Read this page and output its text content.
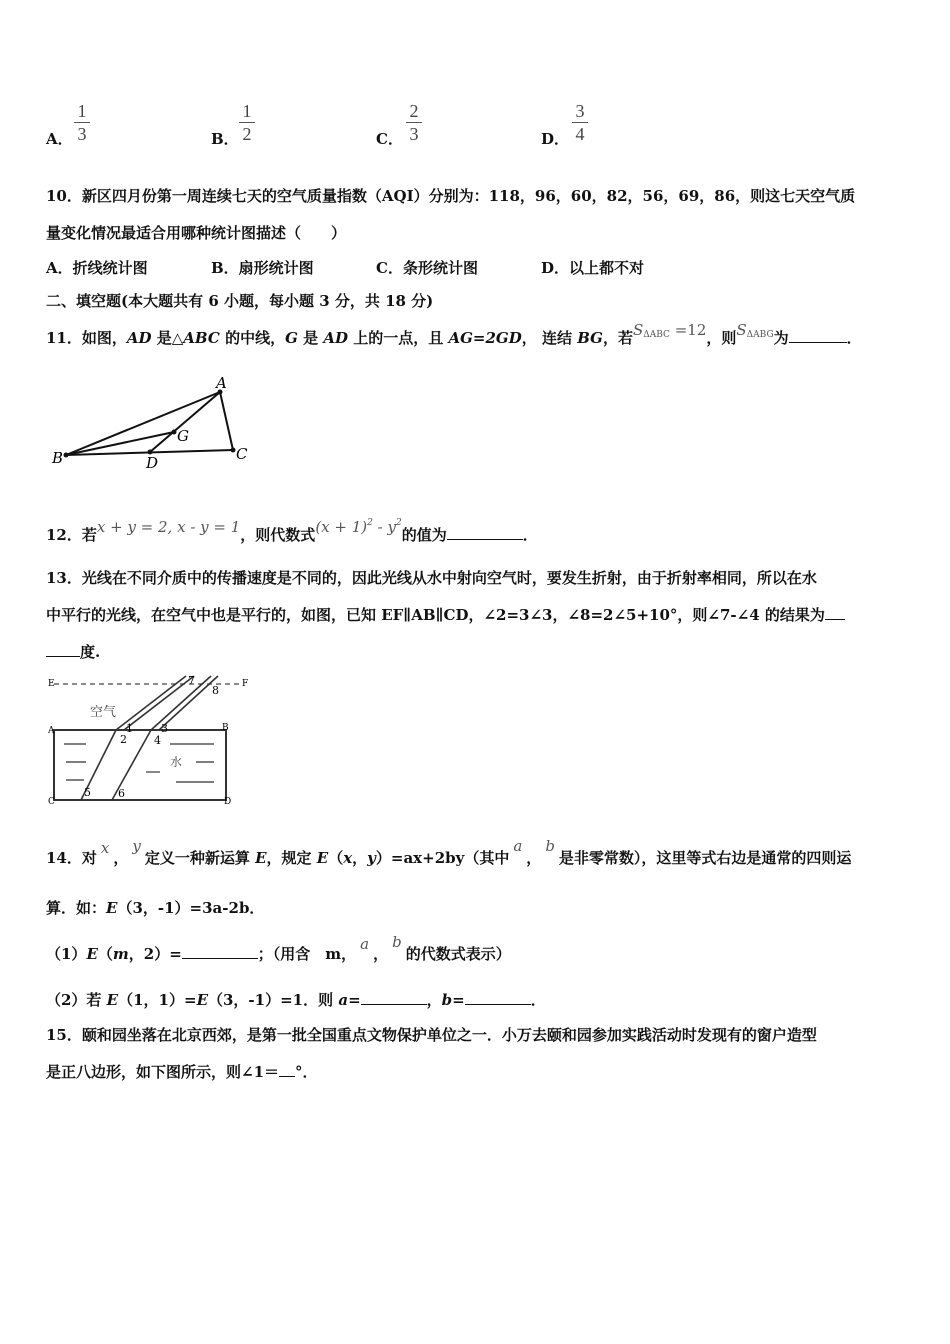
A．
1
3	B．
1
2	C．
2
3	D．
3
4
10．新区四月份第一周连续七天的空气质量指数（AQI）分别为：118，96，60，82，56，69，86，则这七天空气质
量变化情况最适合用哪种统计图描述（　　）
A．折线统计图	B．扇形统计图	C．条形统计图	D．以上都不对
二、填空题(本大题共有 6 小题，每小题 3 分，共 18 分)
11．如图，AD 是△ABC 的中线，G 是 AD 上的一点，且 AG=2GD， 连结 BG，若$S_{\Delta ABC} =12$，则$S_{\Delta ABG}$为	．
A
B	C
D
G
12．若x + y = 2, x - y = 1，则代数式$(x + 1)^2 - y^2$的值为	．
13．光线在不同介质中的传播速度是不同的，因此光线从水中射向空气时，要发生折射，由于折射率相同，所以在水
中平行的光线，在空气中也是平行的，如图，已知 EF∥AB∥CD，∠2=3∠3，∠8=2∠5+10°，则∠7-∠4 的结果为
度.
E	F
A	B
C	D
空气
水
1
2
3
4
5 6
7
8
14．对x，y定义一种新运算 E，规定 E（x，y）=ax+2by（其中a，b是非零常数），这里等式右边是通常的四则运
算．如：E（3，-1）=3a-2b．
（1）E（m，2）=	；（用含　m，a，b的代数式表示）
（2）若 E（1，1）=E（3，-1）=1．则 a=	，b=	．
15．颐和园坐落在北京西郊，是第一批全国重点文物保护单位之一．小万去颐和园参加实践活动时发现有的窗户造型
是正八边形，如下图所示，则∠1＝ °．
